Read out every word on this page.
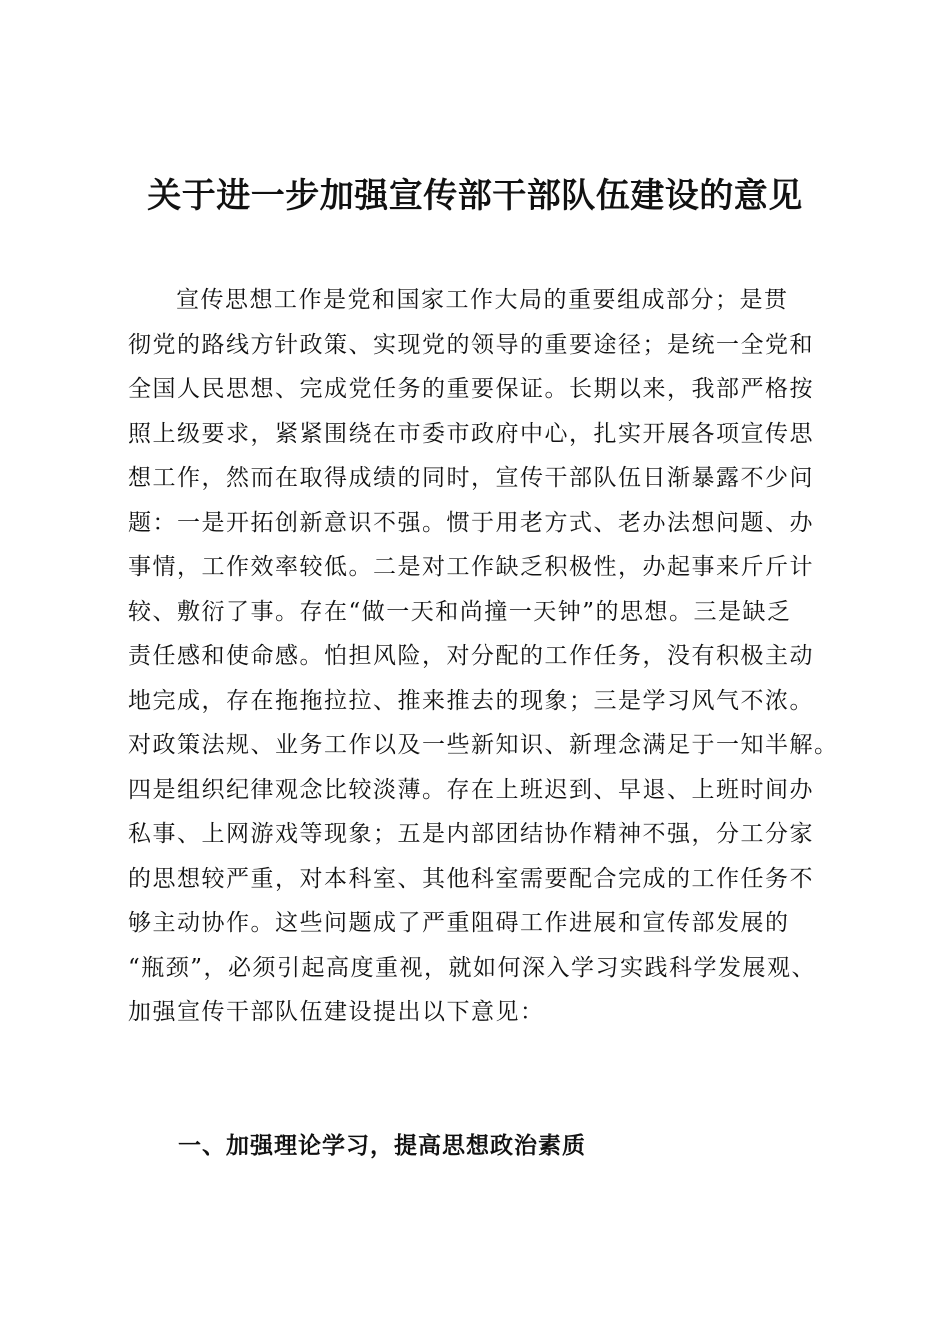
关于进一步加强宣传部干部队伍建设的意见
宣传思想工作是党和国家工作大局的重要组成部分；是贯
彻党的路线方针政策、实现党的领导的重要途径；是统一全党和
全国人民思想、完成党任务的重要保证。长期以来，我部严格按
照上级要求，紧紧围绕在市委市政府中心，扎实开展各项宣传思
想工作，然而在取得成绩的同时，宣传干部队伍日渐暴露不少问
题：一是开拓创新意识不强。惯于用老方式、老办法想问题、办
事情，工作效率较低。二是对工作缺乏积极性，办起事来斤斤计
较、敷衍了事。存在“做一天和尚撞一天钟”的思想。三是缺乏
责任感和使命感。怕担风险，对分配的工作任务，没有积极主动
地完成，存在拖拖拉拉、推来推去的现象；三是学习风气不浓。
对政策法规、业务工作以及一些新知识、新理念满足于一知半解。
四是组织纪律观念比较淡薄。存在上班迟到、早退、上班时间办
私事、上网游戏等现象；五是内部团结协作精神不强，分工分家
的思想较严重，对本科室、其他科室需要配合完成的工作任务不
够主动协作。这些问题成了严重阻碍工作进展和宣传部发展的
“瓶颈”，必须引起高度重视，就如何深入学习实践科学发展观、
加强宣传干部队伍建设提出以下意见：
一、加强理论学习，提高思想政治素质
